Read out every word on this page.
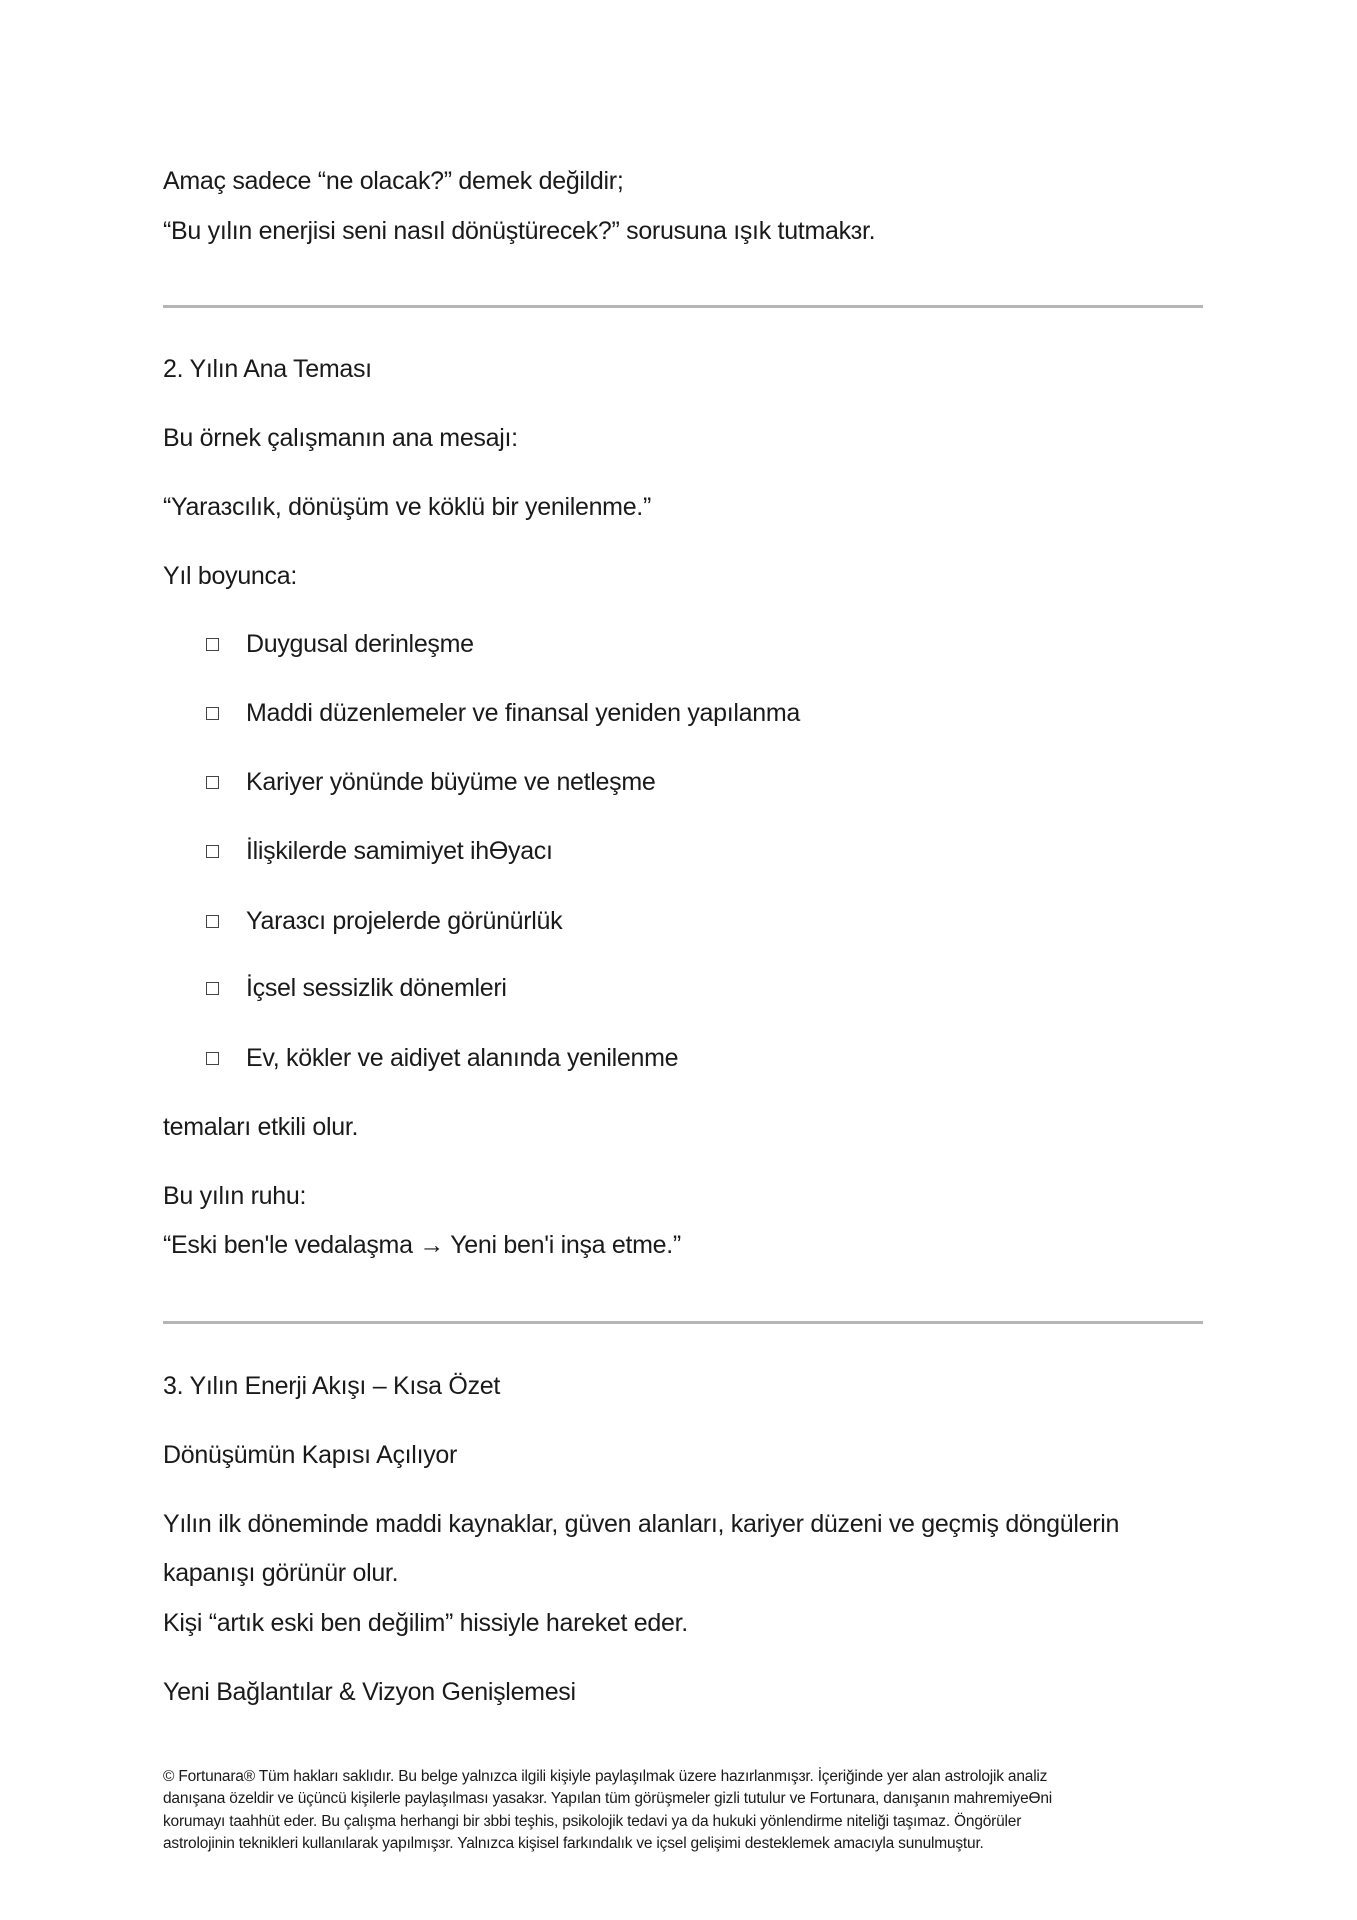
Amaç sadece “ne olacak?” demek değildir;
“Bu yılın enerjisi seni nasıl dönüştürecek?” sorusuna ışık tutmakɜr.
2. Yılın Ana Teması
Bu örnek çalışmanın ana mesajı:
“Yaraɜcılık, dönüşüm ve köklü bir yenilenme.”
Yıl boyunca:
Duygusal derinleşme
Maddi düzenlemeler ve finansal yeniden yapılanma
Kariyer yönünde büyüme ve netleşme
İlişkilerde samimiyet ihӨyacı
Yaraɜcı projelerde görünürlük
İçsel sessizlik dönemleri
Ev, kökler ve aidiyet alanında yenilenme
temaları etkili olur.
Bu yılın ruhu:
“Eski ben'le vedalaşma → Yeni ben'i inşa etme.”
3. Yılın Enerji Akışı – Kısa Özet
Dönüşümün Kapısı Açılıyor
Yılın ilk döneminde maddi kaynaklar, güven alanları, kariyer düzeni ve geçmiş döngülerin
kapanışı görünür olur.
Kişi “artık eski ben değilim” hissiyle hareket eder.
Yeni Bağlantılar & Vizyon Genişlemesi
© Fortunara® Tüm hakları saklıdır. Bu belge yalnızca ilgili kişiyle paylaşılmak üzere hazırlanmışɜr. İçeriğinde yer alan astrolojik analiz
danışana özeldir ve üçüncü kişilerle paylaşılması yasakɜr. Yapılan tüm görüşmeler gizli tutulur ve Fortunara, danışanın mahremiyeӨni
korumayı taahhüt eder. Bu çalışma herhangi bir ɜbbi teşhis, psikolojik tedavi ya da hukuki yönlendirme niteliği taşımaz. Öngörüler
astrolojinin teknikleri kullanılarak yapılmışɜr. Yalnızca kişisel farkındalık ve içsel gelişimi desteklemek amacıyla sunulmuştur.
